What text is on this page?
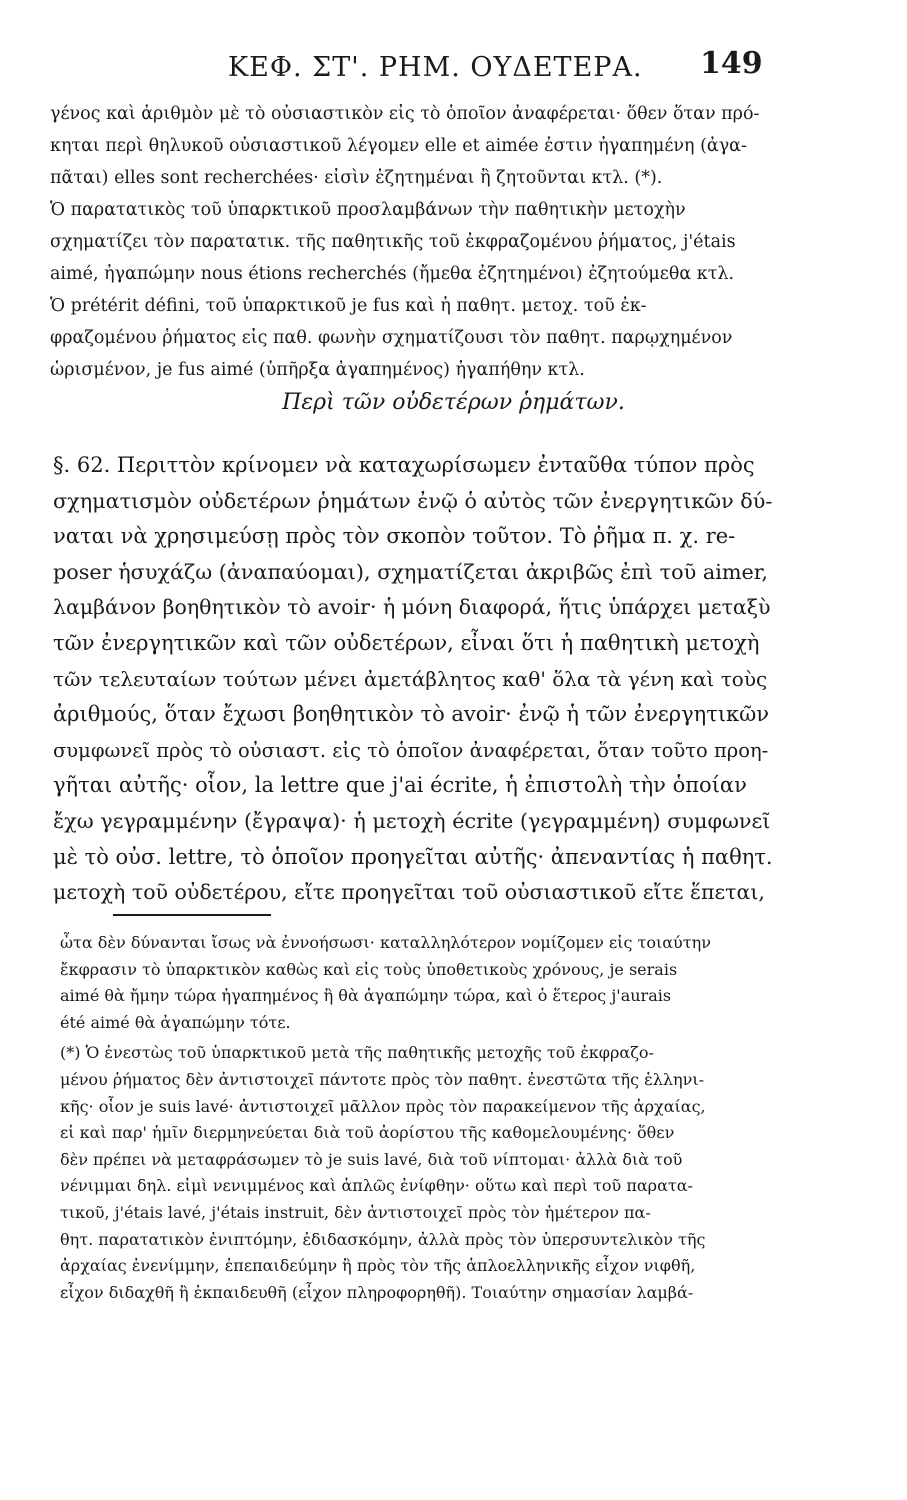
ΚΕΦ. ΣΤ'. ΡΗΜ. ΟΥΔΕΤΕΡΑ. 149
γένος καὶ ἀριθμὸν μὲ τὸ οὐσιαστικὸν εἰς τὸ ὁποῖον ἀναφέρεται· ὅθεν ὅταν πρό-
κηται περὶ θηλυκοῦ οὐσιαστικοῦ λέγομεν elle et aimée ἐστιν ἠγαπημένη (ἀγα-
πᾶται) elles sont recherchées· εἰσὶν ἐζητημέναι ἢ ζητοῦνται κτλ. (*).
Ὁ παρατατικὸς τοῦ ὑπαρκτικοῦ προσλαμβάνων τὴν παθητικὴν μετοχὴν
σχηματίζει τὸν παρατατικ. τῆς παθητικῆς τοῦ ἐκφραζομένου ῥήματος, j'étais
aimé, ἠγαπώμην nous étions recherchés (ἤμεθα ἐζητημένοι) ἐζητούμεθα κτλ.
Ὁ prétérit défini, τοῦ ὑπαρκτικοῦ je fus καὶ ἡ παθητ. μετοχ. τοῦ ἐκ-
φραζομένου ῥήματος εἰς παθ. φωνὴν σχηματίζουσι τὸν παθητ. παρῳχημένον
ὡρισμένον, je fus aimé (ὑπῆρξα ἀγαπημένος) ἠγαπήθην κτλ.
Περὶ τῶν οὐδετέρων ῥημάτων.
§. 62. Περιττὸν κρίνομεν νὰ καταχωρίσωμεν ἐνταῦθα τύπον πρὸς
σχηματισμὸν οὐδετέρων ῥημάτων ἐνῷ ὁ αὐτὸς τῶν ἐνεργητικῶν δύ-
ναται νὰ χρησιμεύσῃ πρὸς τὸν σκοπὸν τοῦτον. Τὸ ῥῆμα π. χ. re-
poser ἡσυχάζω (ἀναπαύομαι), σχηματίζεται ἀκριβῶς ἐπὶ τοῦ aimer,
λαμβάνον βοηθητικὸν τὸ avoir· ἡ μόνη διαφορά, ἥτις ὑπάρχει μεταξὺ
τῶν ἐνεργητικῶν καὶ τῶν οὐδετέρων, εἶναι ὅτι ἡ παθητικὴ μετοχὴ
τῶν τελευταίων τούτων μένει ἀμετάβλητος καθ' ὅλα τὰ γένη καὶ τοὺς
ἀριθμούς, ὅταν ἔχωσι βοηθητικὸν τὸ avoir· ἐνῷ ἡ τῶν ἐνεργητικῶν
συμφωνεῖ πρὸς τὸ οὐσιαστ. εἰς τὸ ὁποῖον ἀναφέρεται, ὅταν τοῦτο προη-
γῆται αὐτῆς· οἷον, la lettre que j'ai écrite, ἡ ἐπιστολὴ τὴν ὁποίαν
ἔχω γεγραμμένην (ἔγραψα)· ἡ μετοχὴ écrite (γεγραμμένη) συμφωνεῖ
μὲ τὸ οὐσ. lettre, τὸ ὁποῖον προηγεῖται αὐτῆς· ἀπεναντίας ἡ παθητ.
μετοχὴ τοῦ οὐδετέρου, εἴτε προηγεῖται τοῦ οὐσιαστικοῦ εἴτε ἕπεται,
ὦτα δὲν δύνανται ἴσως νὰ ἐννοήσωσι· καταλληλότερον νομίζομεν εἰς τοιαύτην
ἔκφρασιν τὸ ὑπαρκτικὸν καθὼς καὶ εἰς τοὺς ὑποθετικοὺς χρόνους, je serais
aimé θὰ ἤμην τώρα ἠγαπημένος ἢ θὰ ἀγαπώμην τώρα, καὶ ὁ ἕτερος j'aurais
été aimé θὰ ἀγαπώμην τότε.
(*) Ὁ ἐνεστὼς τοῦ ὑπαρκτικοῦ μετὰ τῆς παθητικῆς μετοχῆς τοῦ ἐκφραζο-
μένου ῥήματος δὲν ἀντιστοιχεῖ πάντοτε πρὸς τὸν παθητ. ἐνεστῶτα τῆς ἑλληνι-
κῆς· οἷον je suis lavé· ἀντιστοιχεῖ μᾶλλον πρὸς τὸν παρακείμενον τῆς ἀρχαίας,
εἰ καὶ παρ' ἡμῖν διερμηνεύεται διὰ τοῦ ἀορίστου τῆς καθομελουμένης· ὅθεν
δὲν πρέπει νὰ μεταφράσωμεν τὸ je suis lavé, διὰ τοῦ νίπτομαι· ἀλλὰ διὰ τοῦ
νένιμμαι δηλ. εἰμὶ νενιμμένος καὶ ἁπλῶς ἐνίφθην· οὕτω καὶ περὶ τοῦ παρατα-
τικοῦ, j'étais lavé, j'étais instruit, δὲν ἀντιστοιχεῖ πρὸς τὸν ἡμέτερον πα-
θητ. παρατατικὸν ἐνιπτόμην, ἐδιδασκόμην, ἀλλὰ πρὸς τὸν ὑπερσυντελικὸν τῆς
ἀρχαίας ἐνενίμμην, ἐπεπαιδεύμην ἢ πρὸς τὸν τῆς ἁπλοελληνικῆς εἶχον νιφθῆ,
εἶχον διδαχθῆ ἢ ἐκπαιδευθῆ (εἶχον πληροφορηθῆ). Τοιαύτην σημασίαν λαμβά-
